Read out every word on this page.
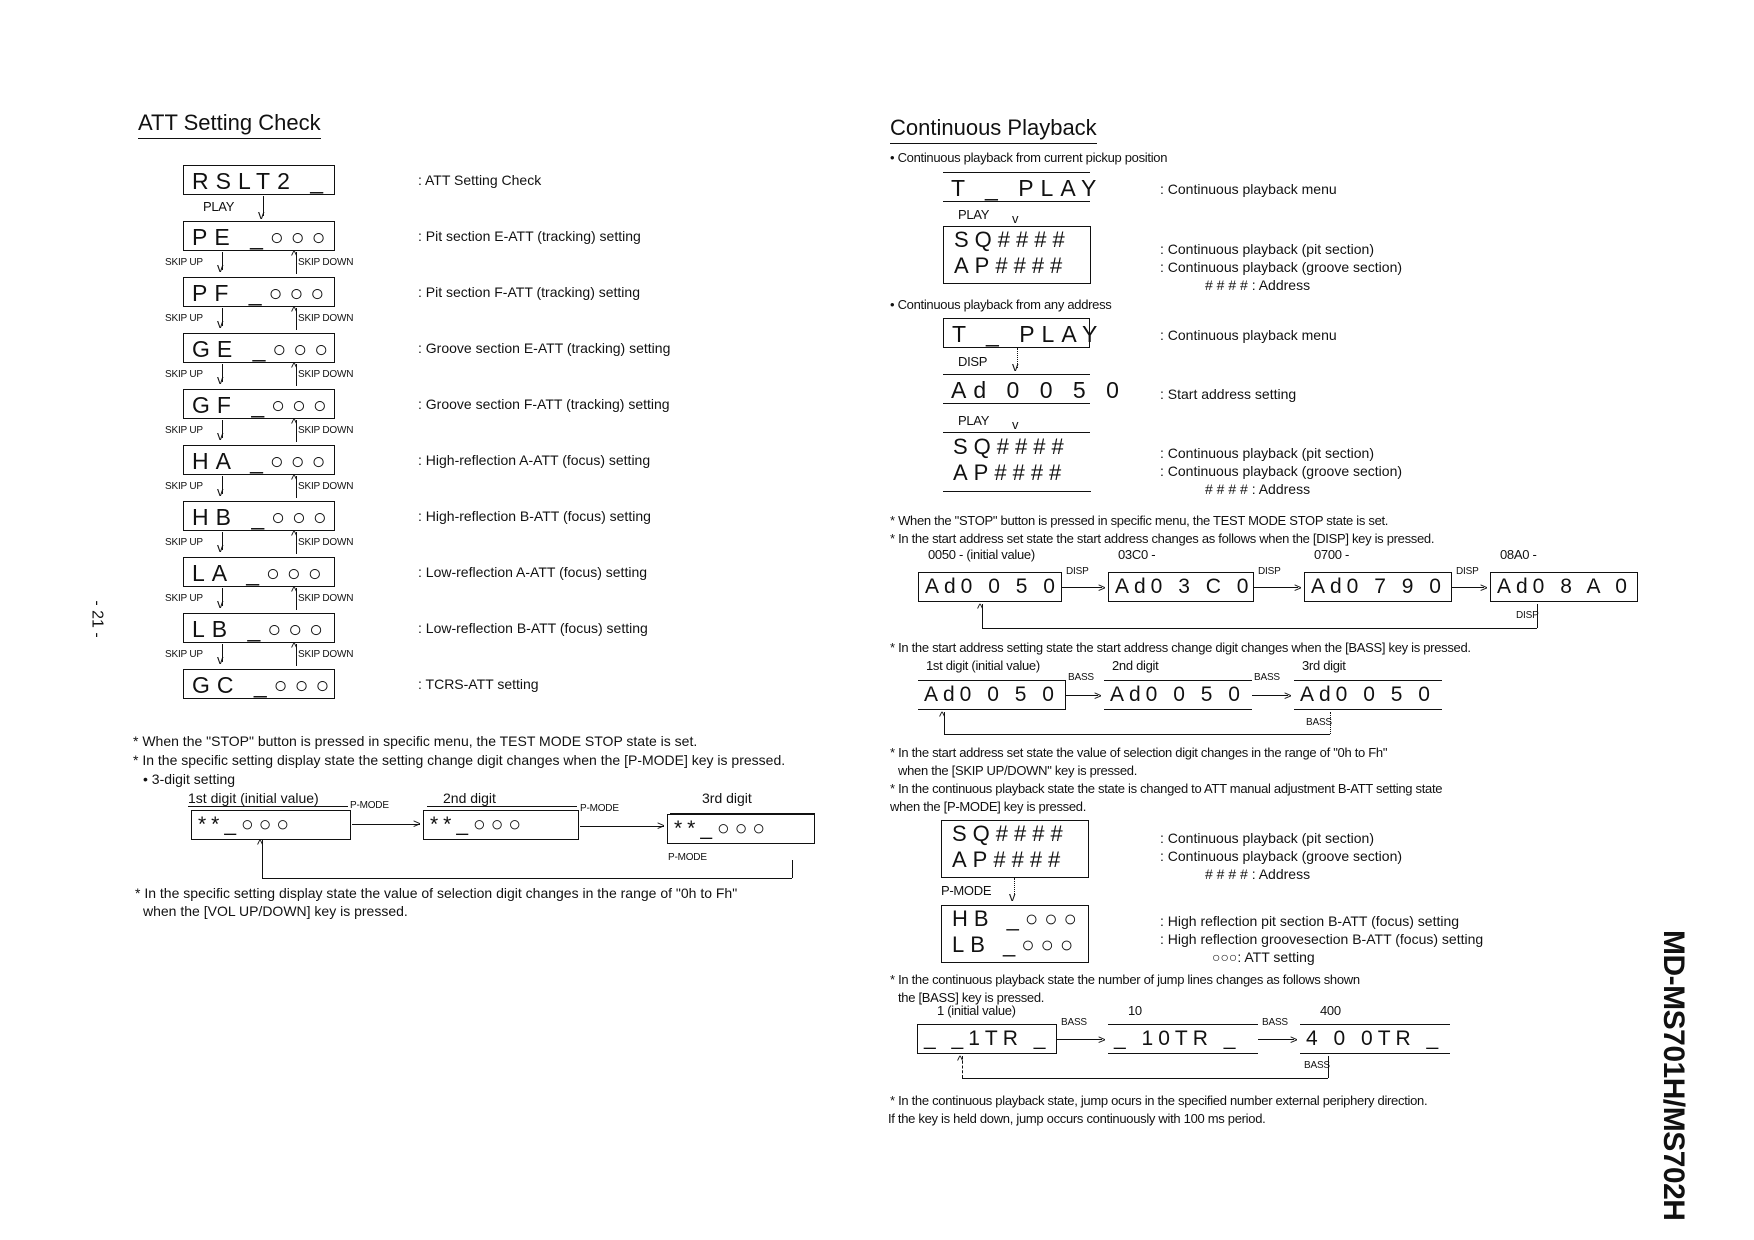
- 21 -
MD-MS701H/MS702H
ATT Setting Check
* When the "STOP" button is pressed in specific menu, the TEST MODE STOP state is set.
* In the specific setting display state the setting change digit changes when the [P-MODE] key is pressed.
• 3-digit setting
1st digit (initial value)	2nd digit	3rd digit
P-MODE	P-MODE
**_○○○	**_○○○	**_○○○
>	>
P-MODE
^
* In the specific setting display state the value of selection digit changes in the range of "0h to Fh"
when the [VOL UP/DOWN] key is pressed.
Continuous Playback
• Continuous playback from current pickup position
T _ PLAY	: Continuous playback menu
PLAY v
SQ####
AP####
: Continuous playback (pit section)
: Continuous playback (groove section)
# # # # : Address
• Continuous playback from any address
T _ PLAY	: Continuous playback menu
DISP v
Ad 0 0 5 0 : Start address setting
PLAY v
SQ####
AP####
: Continuous playback (pit section)
: Continuous playback (groove section)
# # # # : Address
* When the "STOP" button is pressed in specific menu, the TEST MODE STOP state is set.
* In the start address set state the start address changes as follows when the [DISP] key is pressed.
* In the start address setting state the start address change digit changes when the [BASS] key is pressed.
* In the start address set state the value of selection digit changes in the range of "0h to Fh"
when the [SKIP UP/DOWN" key is pressed.
* In the continuous playback state the state is changed to ATT manual adjustment B-ATT setting state
when the [P-MODE] key is pressed.
SQ####
AP####
: Continuous playback (pit section)
: Continuous playback (groove section)
# # # # : Address
P-MODE v
HB _○○○
LB _○○○
: High reflection pit section B-ATT (focus) setting
: High reflection groovesection B-ATT (focus) setting
○○○: ATT setting
* In the continuous playback state the number of jump lines changes as follows shown
the [BASS] key is pressed.
* In the continuous playback state, jump ocurs in the specified number external periphery direction.
If the key is held down, jump occurs continuously with 100 ms period.
RSLT2 _	: ATT Setting Check
PLAY
v
PE _○○○	: Pit section E-ATT (tracking) setting
SKIP UP v
^ SKIP DOWN
PF _○○○	: Pit section F-ATT (tracking) setting
SKIP UP v
^ SKIP DOWN
GE _○○○	: Groove section E-ATT (tracking) setting
SKIP UP v
^ SKIP DOWN
GF _○○○	: Groove section F-ATT (tracking) setting
SKIP UP v
^ SKIP DOWN
HA _○○○	: High-reflection A-ATT (focus) setting
SKIP UP v
^ SKIP DOWN
HB _○○○	: High-reflection B-ATT (focus) setting
SKIP UP v
^ SKIP DOWN
LA _○○○	: Low-reflection A-ATT (focus) setting
SKIP UP v
^ SKIP DOWN
LB _○○○	: Low-reflection B-ATT (focus) setting
SKIP UP v
^ SKIP DOWN
GC _○○○	: TCRS-ATT setting
0050 - (initial value)
Ad0 0 5 0	>
DISP
03C0 -
Ad0 3 C 0	>
DISP
0700 -
Ad0 7 9 0	>
DISP
08A0 -
Ad0 8 A 0
^	DISP
1st digit (initial value)
Ad0 0 5 0	>
BASS
2nd digit
Ad0 0 5 0	>
BASS
3rd digit
Ad0 0 5 0
^	BASS
1 (initial value)
_ _1TR _	>
BASS
10
_ 10TR _	>
BASS
400
4 0 0TR _
^	BASS
